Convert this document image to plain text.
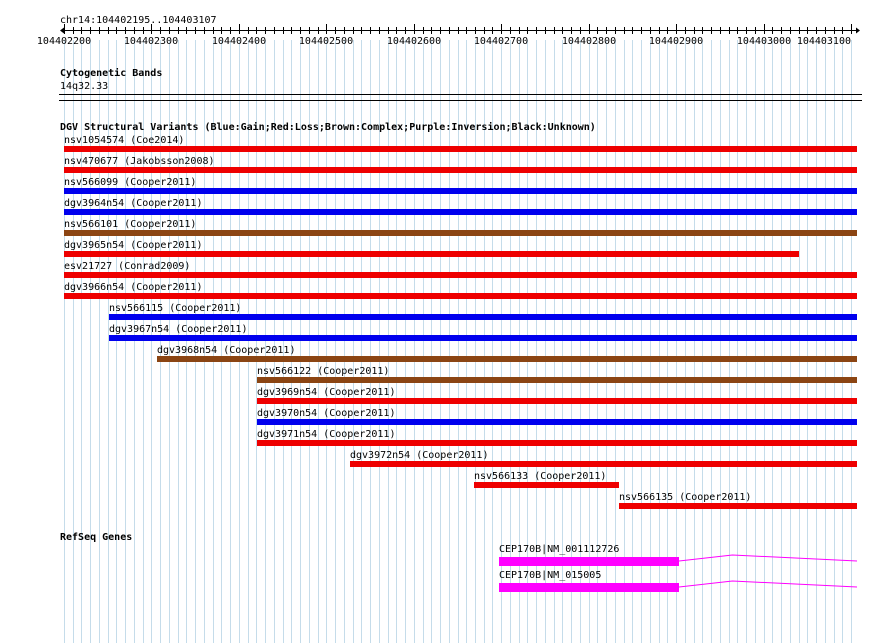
chr14:104402195..104403107
104402200	104402300	104402400	104402500	104402600	104402700	104402800	104402900	104403000 104403100
Cytogenetic Bands
14q32.33
DGV Structural Variants (Blue:Gain;Red:Loss;Brown:Complex;Purple:Inversion;Black:Unknown)
nsv1054574 (Coe2014)
nsv470677 (Jakobsson2008)
nsv566099 (Cooper2011)
dgv3964n54 (Cooper2011)
nsv566101 (Cooper2011)
dgv3965n54 (Cooper2011)
esv21727 (Conrad2009)
dgv3966n54 (Cooper2011)
nsv566115 (Cooper2011)
dgv3967n54 (Cooper2011)
dgv3968n54 (Cooper2011)
nsv566122 (Cooper2011)
dgv3969n54 (Cooper2011)
dgv3970n54 (Cooper2011)
dgv3971n54 (Cooper2011)
dgv3972n54 (Cooper2011)
nsv566133 (Cooper2011)
nsv566135 (Cooper2011)
RefSeq Genes
CEP170B|NM_001112726
CEP170B|NM_015005
